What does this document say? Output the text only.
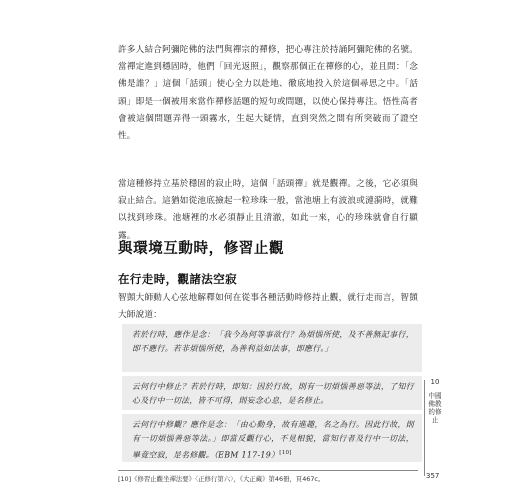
許多人結合阿彌陀佛的法門與禪宗的禪修，把心專注於持誦阿彌陀佛的名號。當禪定進到穩固時，他們「回光返照」，觀察那個正在禪修的心，並且問：「念佛是誰？」這個「話頭」使心全力以赴地、徹底地投入於這個尋思之中。「話頭」即是一個被用來當作禪修話題的短句或問題，以使心保持專注。悟性高者會被這個問題弄得一頭霧水，生起大疑情，直到突然之間有所突破而了證空性。

當這種修持立基於穩固的寂止時，這個「話頭禪」就是觀禪。之後，它必須與寂止結合。這猶如從池底撿起一粒珍珠一般，當池塘上有波浪或漣漪時，就難以找到珍珠。池塘裡的水必須靜止且清澈，如此一來，心的珍珠就會自行顯露。

與環境互動時，修習止觀
在行走時，觀諸法空寂

智顗大師動人心弦地解釋如何在從事各種活動時修持止觀，就行走而言，智顗大師說道：

若於行時，應作是念：「我今為何等事欲行？為煩惱所使，及不善無記事行，即不應行。若非煩惱所使，為善利益如法事，即應行。」
云何行中修止？若於行時，即知：因於行故，則有一切煩惱善惡等法，了知行心及行中一切法，皆不可得，則妄念心息，是名修止。
云何行中修觀？應作是念：「由心動身，故有進趣，名之為行。因此行故，則有一切煩惱善惡等法。」即當反觀行心，不見相貌，當知行者及行中一切法，畢竟空寂，是名修觀。（EBM 117-19）[10]

[10]《修習止觀坐禪法要》〈正修行第六〉，《大正藏》第46冊，頁467c。

10

中國佛教的修止

357
